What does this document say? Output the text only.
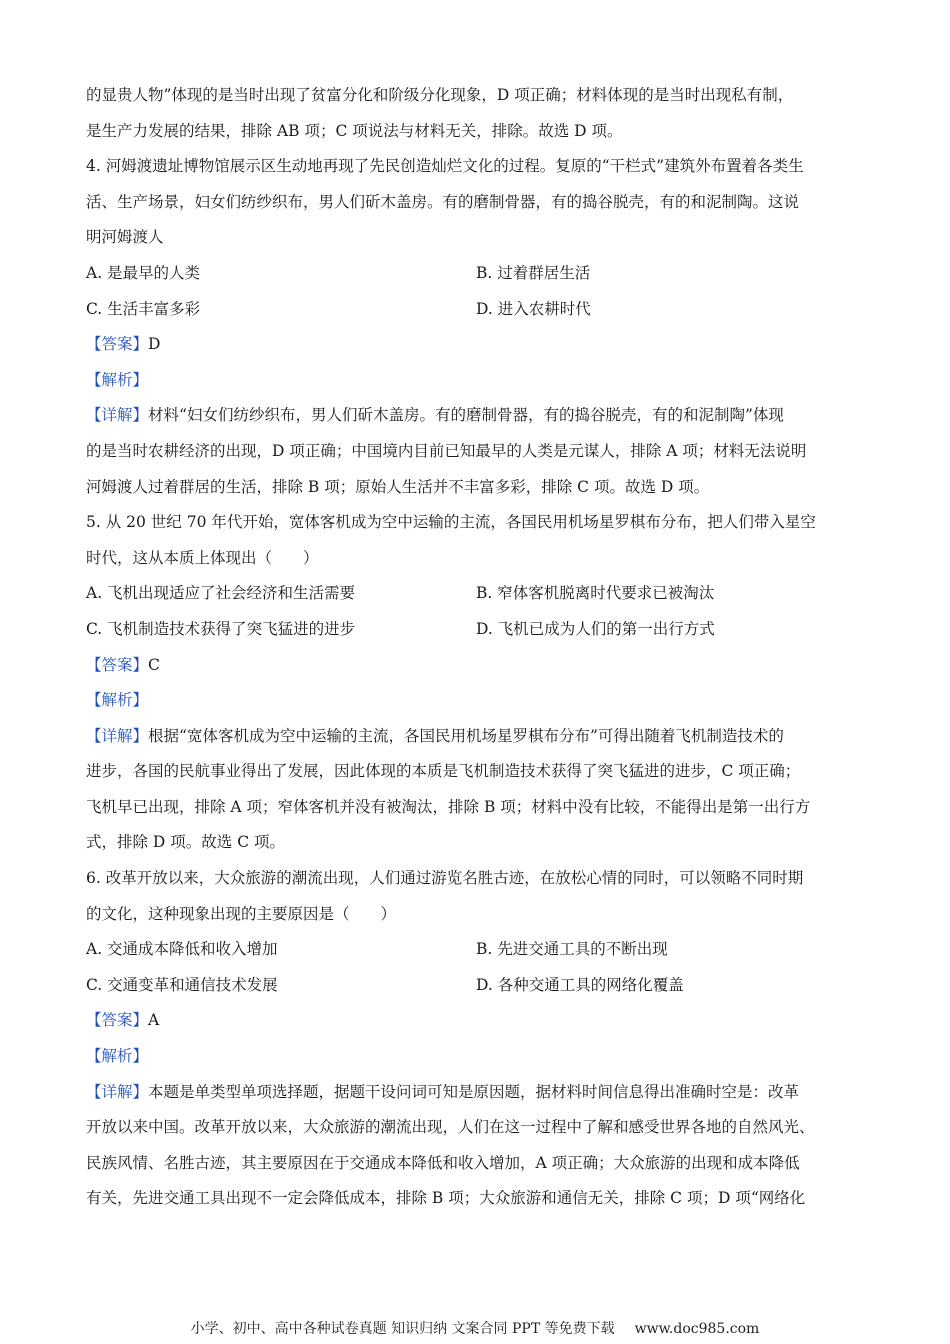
的显贵人物”体现的是当时出现了贫富分化和阶级分化现象，D 项正确；材料体现的是当时出现私有制，
是生产力发展的结果，排除 AB 项；C 项说法与材料无关，排除。故选 D 项。
4. 河姆渡遗址博物馆展示区生动地再现了先民创造灿烂文化的过程。复原的“干栏式”建筑外布置着各类生
活、生产场景，妇女们纺纱织布，男人们斫木盖房。有的磨制骨器，有的捣谷脱壳，有的和泥制陶。这说
明河姆渡人
A. 是最早的人类	B. 过着群居生活
C. 生活丰富多彩	D. 进入农耕时代
【答案】D
【解析】
【详解】材料“妇女们纺纱织布，男人们斫木盖房。有的磨制骨器，有的捣谷脱壳，有的和泥制陶”体现
的是当时农耕经济的出现，D 项正确；中国境内目前已知最早的人类是元谋人，排除 A 项；材料无法说明
河姆渡人过着群居的生活，排除 B 项；原始人生活并不丰富多彩，排除 C 项。故选 D 项。
5. 从 20 世纪 70 年代开始，宽体客机成为空中运输的主流，各国民用机场星罗棋布分布，把人们带入星空
时代，这从本质上体现出（　　）
A. 飞机出现适应了社会经济和生活需要	B. 窄体客机脱离时代要求已被淘汰
C. 飞机制造技术获得了突飞猛进的进步	D. 飞机已成为人们的第一出行方式
【答案】C
【解析】
【详解】根据“宽体客机成为空中运输的主流，各国民用机场星罗棋布分布”可得出随着飞机制造技术的
进步，各国的民航事业得出了发展，因此体现的本质是飞机制造技术获得了突飞猛进的进步，C 项正确；
飞机早已出现，排除 A 项；窄体客机并没有被淘汰，排除 B 项；材料中没有比较，不能得出是第一出行方
式，排除 D 项。故选 C 项。
6. 改革开放以来，大众旅游的潮流出现，人们通过游览名胜古迹，在放松心情的同时，可以领略不同时期
的文化，这种现象出现的主要原因是（　　）
A. 交通成本降低和收入增加	B. 先进交通工具的不断出现
C. 交通变革和通信技术发展	D. 各种交通工具的网络化覆盖
【答案】A
【解析】
【详解】本题是单类型单项选择题，据题干设问词可知是原因题，据材料时间信息得出准确时空是：改革
开放以来中国。改革开放以来，大众旅游的潮流出现，人们在这一过程中了解和感受世界各地的自然风光、
民族风情、名胜古迹，其主要原因在于交通成本降低和收入增加，A 项正确；大众旅游的出现和成本降低
有关，先进交通工具出现不一定会降低成本，排除 B 项；大众旅游和通信无关，排除 C 项；D 项“网络化
小学、初中、高中各种试卷真题 知识归纳 文案合同 PPT 等免费下载 www.doc985.com
